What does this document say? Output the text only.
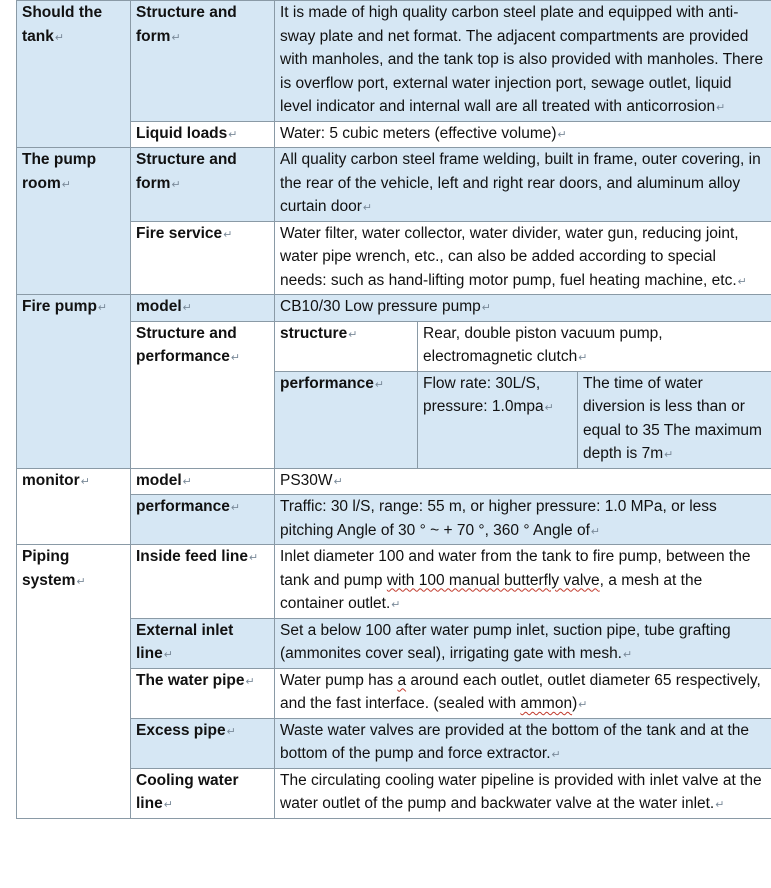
Should the tank↵	Structure and form↵	It is made of high quality carbon steel plate and equipped with anti-sway plate and net format. The adjacent compartments are provided with manholes, and the tank top is also provided with manholes. There is overflow port, external water injection port, sewage outlet, liquid level indicator and internal wall are all treated with anticorrosion↵		
	Liquid loads↵	Water: 5 cubic meters (effective volume)↵		
The pump room↵	Structure and form↵	All quality carbon steel frame welding, built in frame, outer covering, in the rear of the vehicle, left and right rear doors, and aluminum alloy curtain door↵		
	Fire service↵	Water filter, water collector, water divider, water gun, reducing joint, water pipe wrench, etc., can also be added according to special needs: such as hand-lifting motor pump, fuel heating machine, etc.↵		
Fire pump↵	model↵	CB10/30 Low pressure pump↵		
	Structure and performance↵	structure↵	Rear, double piston vacuum pump, electromagnetic clutch↵	
		performance↵	Flow rate: 30L/S, pressure: 1.0mpa↵	The time of water diversion is less than or equal to 35 The maximum depth is 7m↵
monitor↵	model↵	PS30W↵		
	performance↵	Traffic: 30 l/S, range: 55 m, or higher pressure: 1.0 MPa, or less pitching Angle of 30 ° ~ + 70 °, 360 ° Angle of↵		
Piping system↵	Inside feed line↵	Inlet diameter 100 and water from the tank to fire pump, between the tank and pump with 100 manual butterfly valve, a mesh at the container outlet.↵		
	External inlet line↵	Set a below 100 after water pump inlet, suction pipe, tube grafting (ammonites cover seal), irrigating gate with mesh.↵		
	The water pipe↵	Water pump has a around each outlet, outlet diameter 65 respectively, and the fast interface. (sealed with ammon)↵		
	Excess pipe↵	Waste water valves are provided at the bottom of the tank and at the bottom of the pump and force extractor.↵		
	Cooling water line↵	The circulating cooling water pipeline is provided with inlet valve at the water outlet of the pump and backwater valve at the water inlet.↵		
